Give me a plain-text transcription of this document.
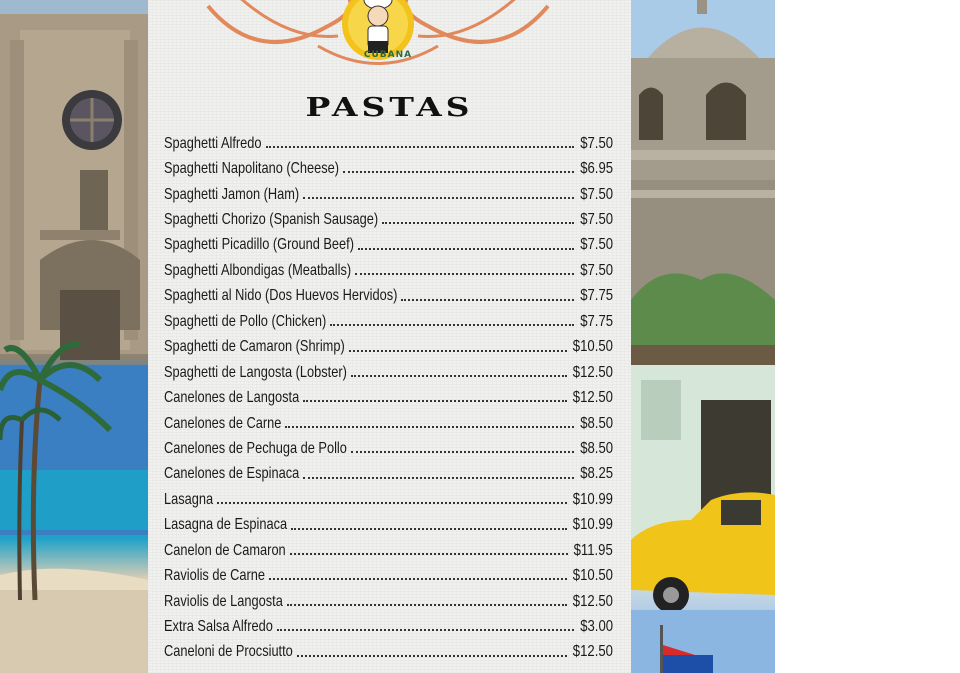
CUBANA
PASTAS
Spaghetti Alfredo	$7.50
Spaghetti Napolitano (Cheese)	$6.95
Spaghetti Jamon (Ham)	$7.50
Spaghetti Chorizo (Spanish Sausage)	$7.50
Spaghetti Picadillo (Ground Beef)	$7.50
Spaghetti Albondigas (Meatballs)	$7.50
Spaghetti al Nido (Dos Huevos Hervidos)	$7.75
Spaghetti de Pollo (Chicken)	$7.75
Spaghetti de Camaron (Shrimp)	$10.50
Spaghetti de Langosta (Lobster)	$12.50
Canelones de Langosta	$12.50
Canelones de Carne	$8.50
Canelones de Pechuga de Pollo	$8.50
Canelones de Espinaca	$8.25
Lasagna	$10.99
Lasagna de Espinaca	$10.99
Canelon de Camaron	$11.95
Raviolis de Carne	$10.50
Raviolis de Langosta	$12.50
Extra Salsa Alfredo	$3.00
Caneloni de Procsiutto	$12.50
